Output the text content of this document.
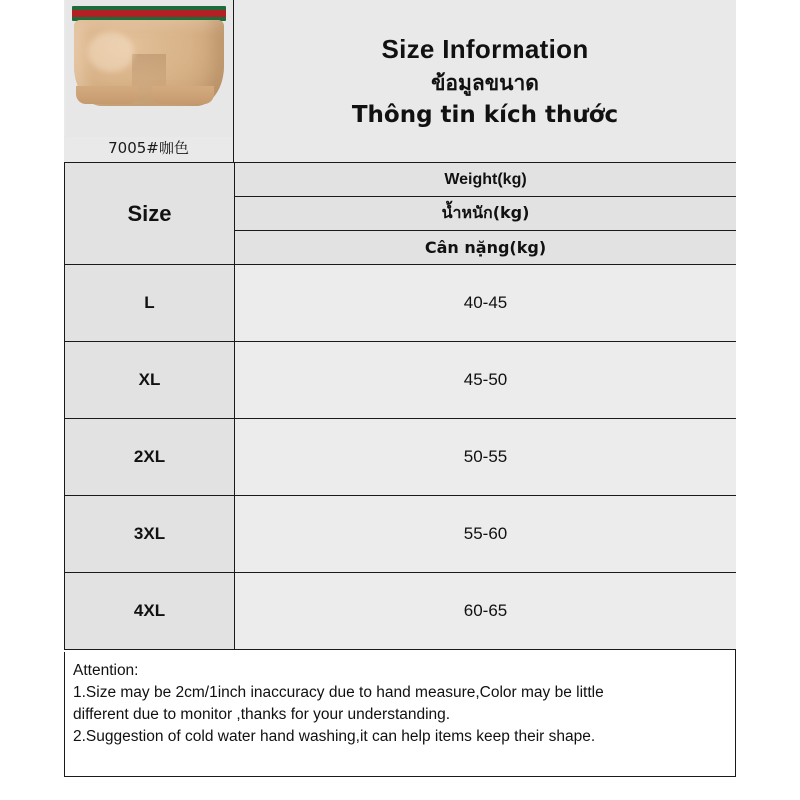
7005#咖色
Size Information
ข้อมูลขนาด
Thông tin kích thước
Size
Weight(kg)
น้ำหนัก(kg)
Cân nặng(kg)
L	40-45
XL	45-50
2XL	50-55
3XL	55-60
4XL	60-65

Attention:

1.Size may be 2cm/1inch inaccuracy due to hand measure,Color may be little

different due to monitor ,thanks for your understanding.

2.Suggestion of cold water hand washing,it can help items keep their shape.
